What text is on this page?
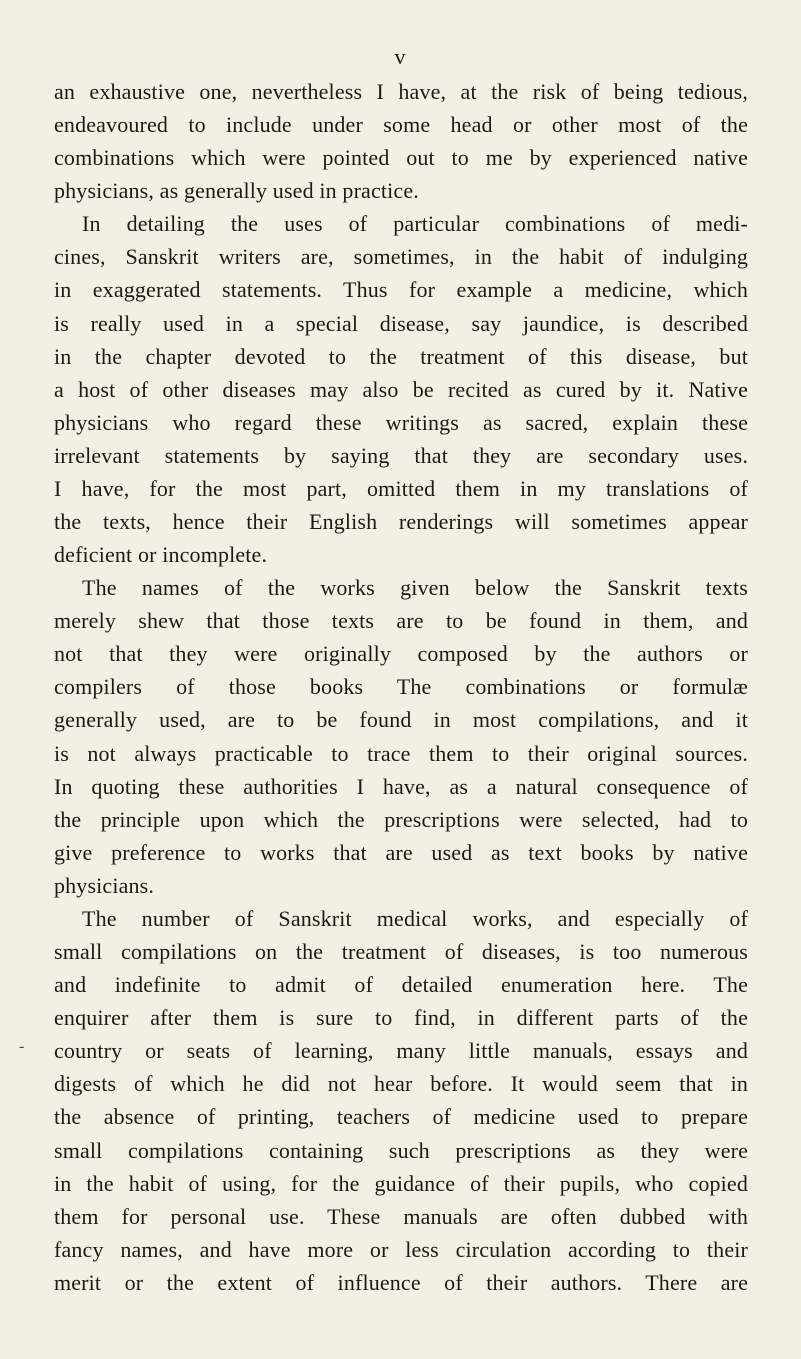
v
-
an exhaustive one, nevertheless I have, at the risk of being tedious,
endeavoured to include under some head or other most of the
combinations which were pointed out to me by experienced native
physicians, as generally used in practice.
In detailing the uses of particular combinations of medi-
cines, Sanskrit writers are, sometimes, in the habit of indulging
in exaggerated statements. Thus for example a medicine, which
is really used in a special disease, say jaundice, is described
in the chapter devoted to the treatment of this disease, but
a host of other diseases may also be recited as cured by it. Native
physicians who regard these writings as sacred, explain these
irrelevant statements by saying that they are secondary uses.
I have, for the most part, omitted them in my translations of
the texts, hence their English renderings will sometimes appear
deficient or incomplete.
The names of the works given below the Sanskrit texts
merely shew that those texts are to be found in them, and
not that they were originally composed by the authors or
compilers of those books The combinations or formulæ
generally used, are to be found in most compilations, and it
is not always practicable to trace them to their original sources.
In quoting these authorities I have, as a natural consequence of
the principle upon which the prescriptions were selected, had to
give preference to works that are used as text books by native
physicians.
The number of Sanskrit medical works, and especially of
small compilations on the treatment of diseases, is too numerous
and indefinite to admit of detailed enumeration here. The
enquirer after them is sure to find, in different parts of the
country or seats of learning, many little manuals, essays and
digests of which he did not hear before. It would seem that in
the absence of printing, teachers of medicine used to prepare
small compilations containing such prescriptions as they were
in the habit of using, for the guidance of their pupils, who copied
them for personal use. These manuals are often dubbed with
fancy names, and have more or less circulation according to their
merit or the extent of influence of their authors. There are
